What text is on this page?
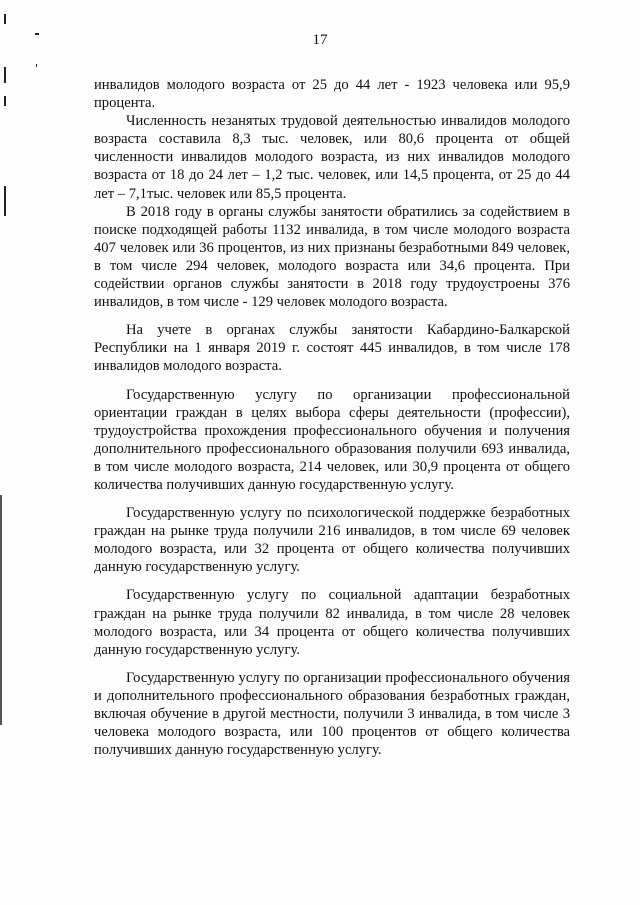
17

инвалидов молодого возраста от 25 до 44 лет - 1923 человека или 95,9 процента.

Численность незанятых трудовой деятельностью инвалидов молодого возраста составила 8,3 тыс. человек, или 80,6 процента от общей численности инвалидов молодого возраста, из них инвалидов молодого возраста от 18 до 24 лет – 1,2 тыс. человек, или 14,5 процента, от 25 до 44 лет – 7,1тыс. человек или 85,5 процента.

В 2018 году в органы службы занятости обратились за содействием в поиске подходящей работы 1132 инвалида, в том числе молодого возраста 407 человек или 36 процентов, из них признаны безработными 849 человек, в том числе 294 человек, молодого возраста или 34,6 процента. При содействии органов службы занятости в 2018 году трудоустроены 376 инвалидов, в том числе - 129 человек молодого возраста.

На учете в органах службы занятости Кабардино-Балкарской Республики на 1 января 2019 г. состоят 445 инвалидов, в том числе 178 инвалидов молодого возраста.

Государственную услугу по организации профессиональной ориентации граждан в целях выбора сферы деятельности (профессии), трудоустройства прохождения профессионального обучения и получения дополнительного профессионального образования получили 693 инвалида, в том числе молодого возраста, 214 человек, или 30,9 процента от общего количества получивших данную государственную услугу.

Государственную услугу по психологической поддержке безработных граждан на рынке труда получили 216 инвалидов, в том числе 69 человек молодого возраста, или 32 процента от общего количества получивших данную государственную услугу.

Государственную услугу по социальной адаптации безработных граждан на рынке труда получили 82 инвалида, в том числе 28 человек молодого возраста, или 34 процента от общего количества получивших данную государственную услугу.

Государственную услугу по организации профессионального обучения и дополнительного профессионального образования безработных граждан, включая обучение в другой местности, получили 3 инвалида, в том числе 3 человека молодого возраста, или 100 процентов от общего количества получивших данную государственную услугу.
